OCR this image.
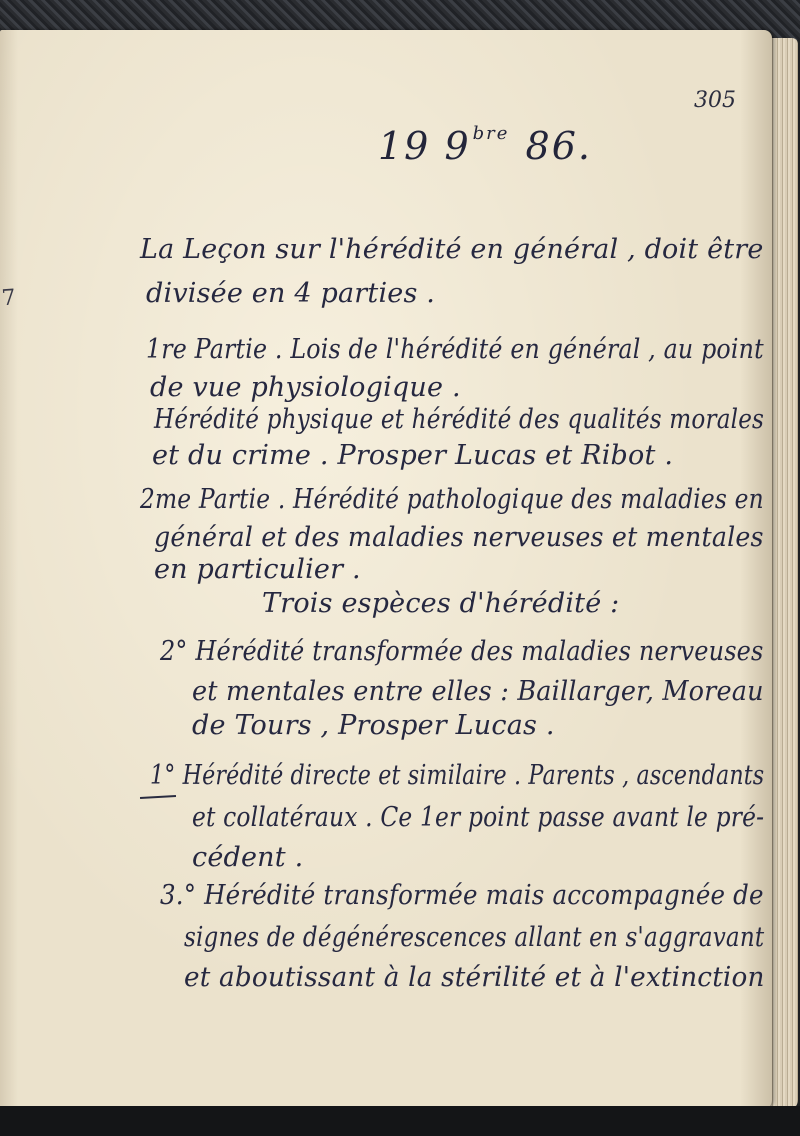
7
305
19 9 $^{bre}$ 86.
La Leçon sur l'hérédité en général , doit être
divisée en 4 parties .
1re Partie . Lois de l'hérédité en général , au point
de vue physiologique .
Hérédité physique et hérédité des qualités morales
et du crime . Prosper Lucas et Ribot .
2me Partie . Hérédité pathologique des maladies en
général et des maladies nerveuses et mentales
en particulier .
Trois espèces d'hérédité :
2° Hérédité transformée des maladies nerveuses
et mentales entre elles : Baillarger, Moreau
de Tours , Prosper Lucas .
1° Hérédité directe et similaire . Parents , ascendants
et collatéraux . Ce 1er point passe avant le pré-
cédent .
3.° Hérédité transformée mais accompagnée de
signes de dégénérescences allant en s'aggravant
et aboutissant à la stérilité et à l'extinction
